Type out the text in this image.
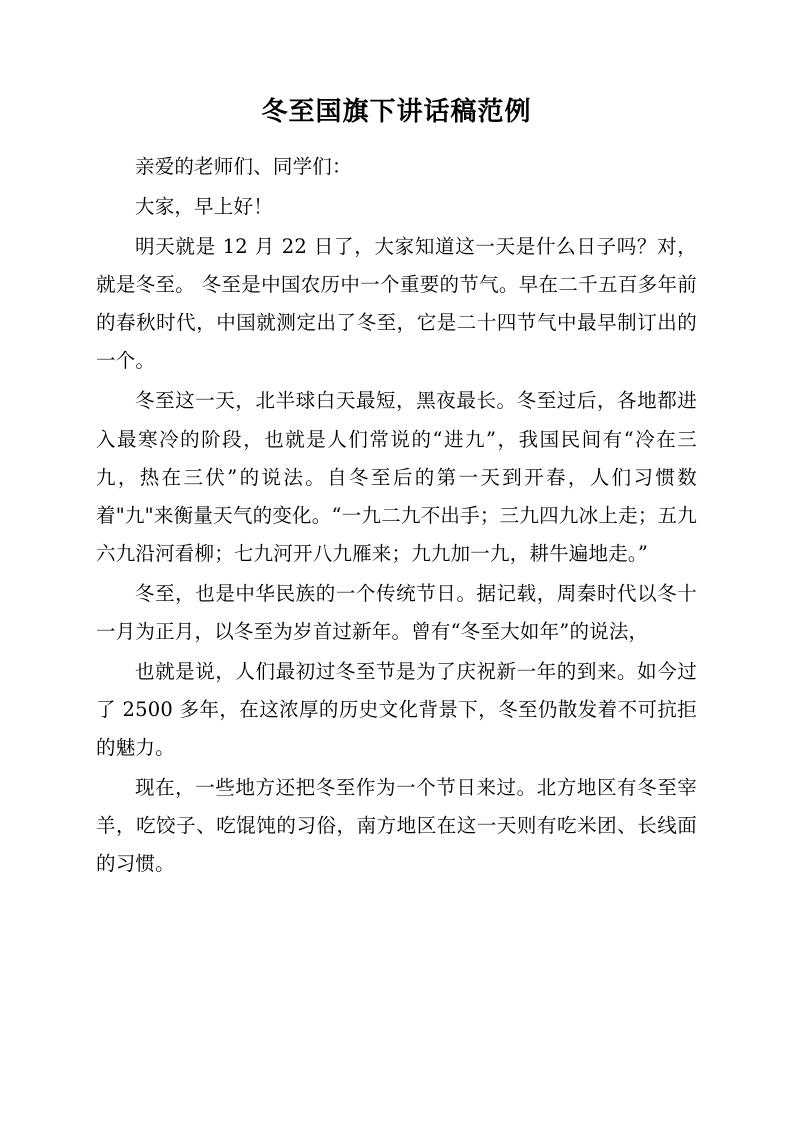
冬至国旗下讲话稿范例

亲爱的老师们、同学们：

大家，早上好！

明天就是 12 月 22 日了，大家知道这一天是什么日子吗？对，就是冬至。 冬至是中国农历中一个重要的节气。早在二千五百多年前的春秋时代，中国就测定出了冬至，它是二十四节气中最早制订出的一个。

冬至这一天，北半球白天最短，黑夜最长。冬至过后，各地都进入最寒冷的阶段，也就是人们常说的“进九”，我国民间有“冷在三九，热在三伏”的说法。自冬至后的第一天到开春，人们习惯数着"九"来衡量天气的变化。“一九二九不出手；三九四九冰上走；五九六九沿河看柳；七九河开八九雁来；九九加一九，耕牛遍地走。”

冬至，也是中华民族的一个传统节日。据记载，周秦时代以冬十一月为正月，以冬至为岁首过新年。曾有“冬至大如年”的说法，

也就是说，人们最初过冬至节是为了庆祝新一年的到来。如今过了 2500 多年，在这浓厚的历史文化背景下，冬至仍散发着不可抗拒的魅力。

现在，一些地方还把冬至作为一个节日来过。北方地区有冬至宰羊，吃饺子、吃馄饨的习俗，南方地区在这一天则有吃米团、长线面的习惯。
